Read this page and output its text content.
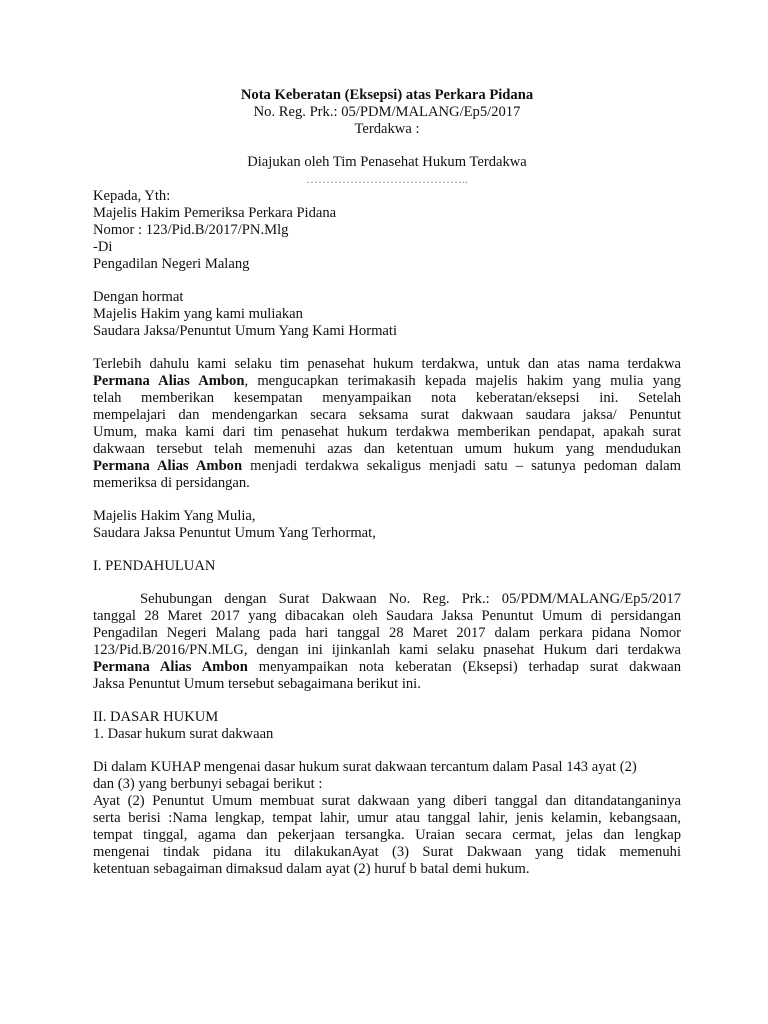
Nota Keberatan (Eksepsi) atas Perkara Pidana
No. Reg. Prk.: 05/PDM/MALANG/Ep5/2017
Terdakwa :
Diajukan oleh Tim Penasehat Hukum Terdakwa
…………………………………..
Kepada, Yth:
Majelis Hakim Pemeriksa Perkara Pidana
Nomor : 123/Pid.B/2017/PN.Mlg
-Di
Pengadilan Negeri Malang
Dengan hormat
Majelis Hakim yang kami muliakan
Saudara Jaksa/Penuntut Umum Yang Kami Hormati
Terlebih dahulu kami selaku tim penasehat hukum terdakwa, untuk dan atas nama terdakwa
Permana Alias Ambon, mengucapkan terimakasih kepada majelis hakim yang mulia yang
telah memberikan kesempatan menyampaikan nota keberatan/eksepsi ini. Setelah
mempelajari dan mendengarkan secara seksama surat dakwaan saudara jaksa/ Penuntut
Umum, maka kami dari tim penasehat hukum terdakwa memberikan pendapat, apakah surat
dakwaan tersebut telah memenuhi azas dan ketentuan umum hukum yang mendudukan
Permana Alias Ambon menjadi terdakwa sekaligus menjadi satu – satunya pedoman dalam
memeriksa di persidangan.
Majelis Hakim Yang Mulia,
Saudara Jaksa Penuntut Umum Yang Terhormat,
I. PENDAHULUAN
Sehubungan dengan Surat Dakwaan No. Reg. Prk.: 05/PDM/MALANG/Ep5/2017
tanggal 28 Maret 2017 yang dibacakan oleh Saudara Jaksa Penuntut Umum di persidangan
Pengadilan Negeri Malang pada hari tanggal 28 Maret 2017 dalam perkara pidana Nomor
123/Pid.B/2016/PN.MLG, dengan ini ijinkanlah kami selaku pnasehat Hukum dari terdakwa
Permana Alias Ambon menyampaikan nota keberatan (Eksepsi) terhadap surat dakwaan
Jaksa Penuntut Umum tersebut sebagaimana berikut ini.
II. DASAR HUKUM
1. Dasar hukum surat dakwaan
Di dalam KUHAP mengenai dasar hukum surat dakwaan tercantum dalam Pasal 143 ayat (2)
dan (3) yang berbunyi sebagai berikut :
Ayat (2) Penuntut Umum membuat surat dakwaan yang diberi tanggal dan ditandatanganinya
serta berisi :Nama lengkap, tempat lahir, umur atau tanggal lahir, jenis kelamin, kebangsaan,
tempat tinggal, agama dan pekerjaan tersangka. Uraian secara cermat, jelas dan lengkap
mengenai tindak pidana itu dilakukanAyat (3) Surat Dakwaan yang tidak memenuhi
ketentuan sebagaiman dimaksud dalam ayat (2) huruf b batal demi hukum.
